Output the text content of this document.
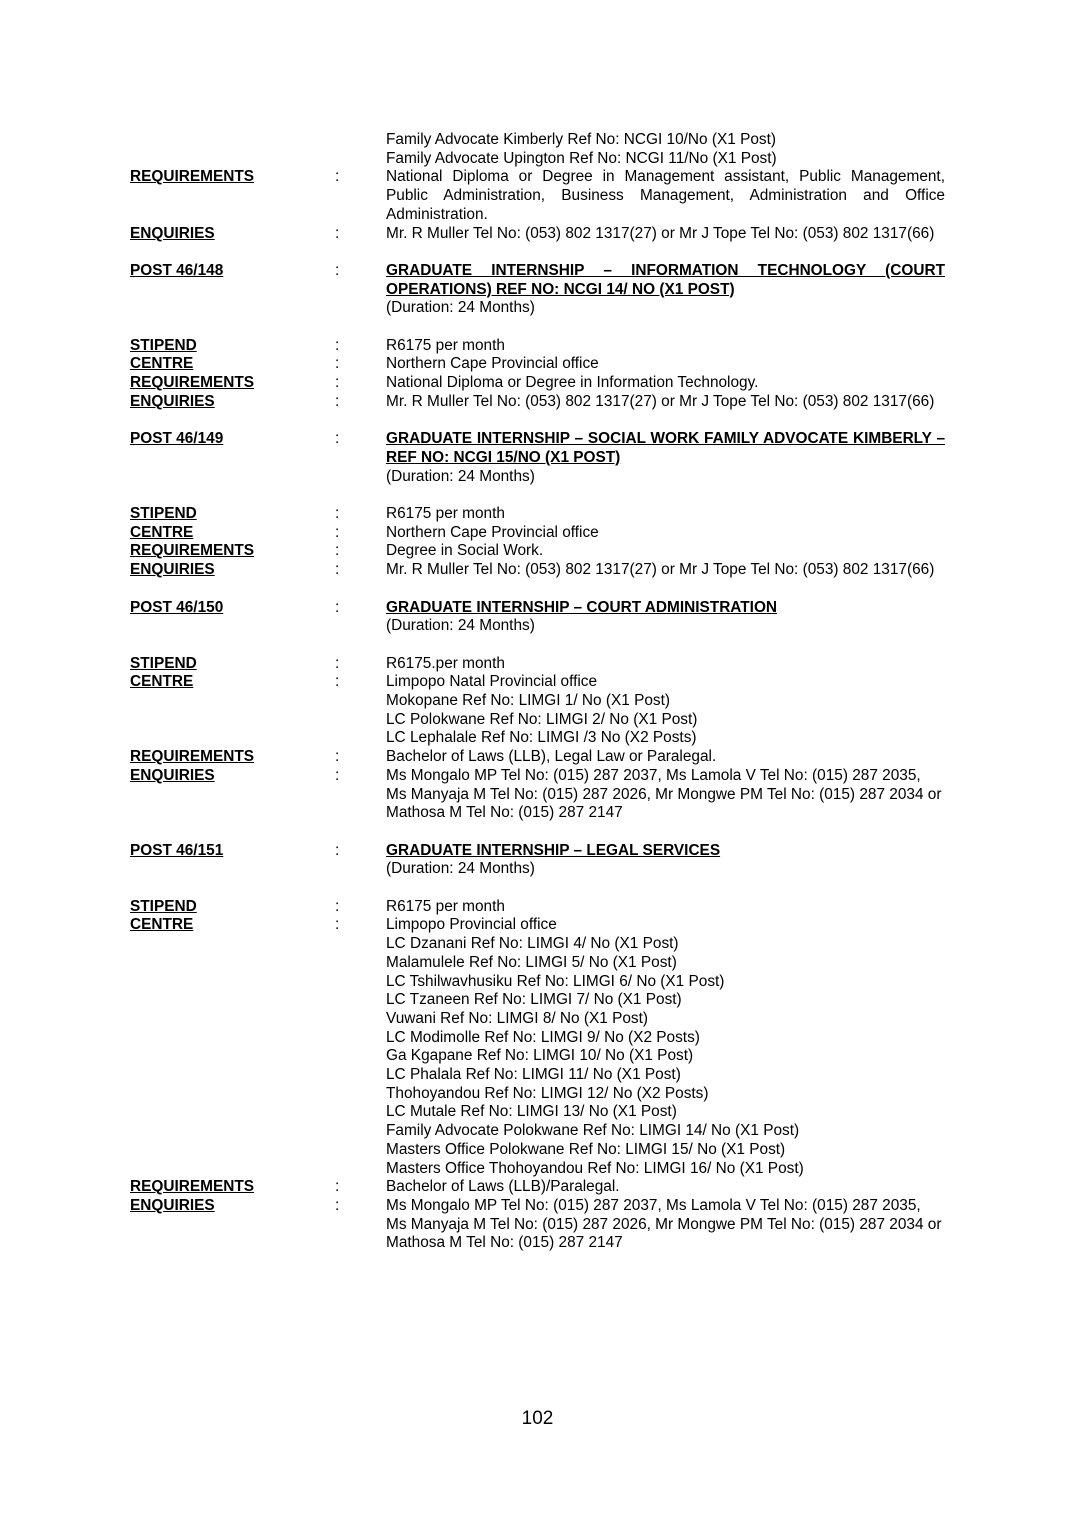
Family Advocate Kimberly Ref No: NCGI 10/No (X1 Post)
Family Advocate Upington Ref No: NCGI 11/No (X1 Post)
REQUIREMENTS	:	National Diploma or Degree in Management assistant, Public Management, Public Administration, Business Management, Administration and Office Administration.
ENQUIRIES	:	Mr. R Muller Tel No: (053) 802 1317(27) or Mr J Tope Tel No: (053) 802 1317(66)
POST 46/148	:	GRADUATE INTERNSHIP – INFORMATION TECHNOLOGY (COURT OPERATIONS) REF NO: NCGI 14/ NO (X1 POST)
(Duration: 24 Months)
STIPEND	:	R6175 per month
CENTRE	:	Northern Cape Provincial office
REQUIREMENTS	:	National Diploma or Degree in Information Technology.
ENQUIRIES	:	Mr. R Muller Tel No: (053) 802 1317(27) or Mr J Tope Tel No: (053) 802 1317(66)
POST 46/149	:	GRADUATE INTERNSHIP – SOCIAL WORK FAMILY ADVOCATE KIMBERLY – REF NO: NCGI 15/NO (X1 POST)
(Duration: 24 Months)
STIPEND	:	R6175 per month
CENTRE	:	Northern Cape Provincial office
REQUIREMENTS	:	Degree in Social Work.
ENQUIRIES	:	Mr. R Muller Tel No: (053) 802 1317(27) or Mr J Tope Tel No: (053) 802 1317(66)
POST 46/150	:	GRADUATE INTERNSHIP – COURT ADMINISTRATION
(Duration: 24 Months)
STIPEND	:	R6175.per month
CENTRE	:	Limpopo Natal Provincial office
Mokopane Ref No: LIMGI 1/ No (X1 Post)
LC Polokwane Ref No: LIMGI 2/ No (X1 Post)
LC Lephalale Ref No: LIMGI /3 No (X2 Posts)
REQUIREMENTS	:	Bachelor of Laws (LLB), Legal Law or Paralegal.
ENQUIRIES	:	Ms Mongalo MP Tel No: (015) 287 2037, Ms Lamola V Tel No: (015) 287 2035, Ms Manyaja M Tel No: (015) 287 2026, Mr Mongwe PM Tel No: (015) 287 2034 or Mathosa M Tel No: (015) 287 2147
POST 46/151	:	GRADUATE INTERNSHIP – LEGAL SERVICES
(Duration: 24 Months)
STIPEND	:	R6175 per month
CENTRE	:	Limpopo Provincial office
LC Dzanani Ref No: LIMGI 4/ No (X1 Post)
Malamulele Ref No: LIMGI 5/ No (X1 Post)
LC Tshilwavhusiku Ref No: LIMGI 6/ No (X1 Post)
LC Tzaneen Ref No: LIMGI 7/ No (X1 Post)
Vuwani Ref No: LIMGI 8/ No (X1 Post)
LC Modimolle Ref No: LIMGI 9/ No (X2 Posts)
Ga Kgapane Ref No: LIMGI 10/ No (X1 Post)
LC Phalala Ref No: LIMGI 11/ No (X1 Post)
Thohoyandou Ref No: LIMGI 12/ No (X2 Posts)
LC Mutale Ref No: LIMGI 13/ No (X1 Post)
Family Advocate Polokwane Ref No: LIMGI 14/ No (X1 Post)
Masters Office Polokwane Ref No: LIMGI 15/ No (X1 Post)
Masters Office Thohoyandou Ref No: LIMGI 16/ No (X1 Post)
REQUIREMENTS	:	Bachelor of Laws (LLB)/Paralegal.
ENQUIRIES	:	Ms Mongalo MP Tel No: (015) 287 2037, Ms Lamola V Tel No: (015) 287 2035, Ms Manyaja M Tel No: (015) 287 2026, Mr Mongwe PM Tel No: (015) 287 2034 or Mathosa M Tel No: (015) 287 2147
102
